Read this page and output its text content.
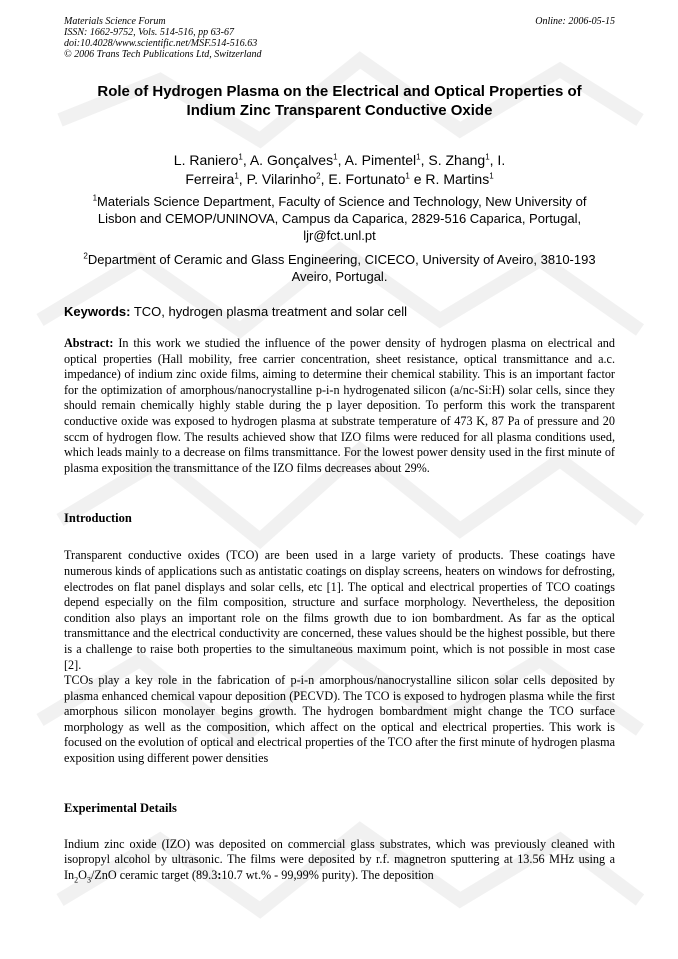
Materials Science Forum
ISSN: 1662-9752, Vols. 514-516, pp 63-67
doi:10.4028/www.scientific.net/MSF.514-516.63
© 2006 Trans Tech Publications Ltd, Switzerland
Online: 2006-05-15
Role of Hydrogen Plasma on the Electrical and Optical Properties of
Indium Zinc Transparent Conductive Oxide
L. Raniero$^1$, A. Gonçalves$^1$, A. Pimentel$^1$, S. Zhang$^1$, I.
Ferreira$^1$, P. Vilarinho$^2$, E. Fortunato$^1$ e R. Martins$^1$
$^1$Materials Science Department, Faculty of Science and Technology, New University of
Lisbon and CEMOP/UNINOVA, Campus da Caparica, 2829-516 Caparica, Portugal,
ljr@fct.unl.pt
$^2$Department of Ceramic and Glass Engineering, CICECO, University of Aveiro, 3810-193
Aveiro, Portugal.
Keywords: TCO, hydrogen plasma treatment and solar cell
Abstract: In this work we studied the influence of the power density of hydrogen plasma on electrical and optical properties (Hall mobility, free carrier concentration, sheet resistance, optical transmittance and a.c. impedance) of indium zinc oxide films, aiming to determine their chemical stability. This is an important factor for the optimization of amorphous/nanocrystalline p-i-n hydrogenated silicon (a/nc-Si:H) solar cells, since they should remain chemically highly stable during the p layer deposition. To perform this work the transparent conductive oxide was exposed to hydrogen plasma at substrate temperature of 473 K, 87 Pa of pressure and 20 sccm of hydrogen flow. The results achieved show that IZO films were reduced for all plasma conditions used, which leads mainly to a decrease on films transmittance. For the lowest power density used in the first minute of plasma exposition the transmittance of the IZO films decreases about 29%.
Introduction
Transparent conductive oxides (TCO) are been used in a large variety of products. These coatings have numerous kinds of applications such as antistatic coatings on display screens, heaters on windows for defrosting, electrodes on flat panel displays and solar cells, etc [1]. The optical and electrical properties of TCO coatings depend especially on the film composition, structure and surface morphology. Nevertheless, the deposition condition also plays an important role on the films growth due to ion bombardment. As far as the optical transmittance and the electrical conductivity are concerned, these values should be the highest possible, but there is a challenge to raise both properties to the simultaneous maximum point, which is not possible in most case [2].
TCOs play a key role in the fabrication of p-i-n amorphous/nanocrystalline silicon solar cells deposited by plasma enhanced chemical vapour deposition (PECVD). The TCO is exposed to hydrogen plasma while the first amorphous silicon monolayer begins growth. The hydrogen bombardment might change the TCO surface morphology as well as the composition, which affect on the optical and electrical properties. This work is focused on the evolution of optical and electrical properties of the TCO after the first minute of hydrogen plasma exposition using different power densities
Experimental Details
Indium zinc oxide (IZO) was deposited on commercial glass substrates, which was previously cleaned with isopropyl alcohol by ultrasonic. The films were deposited by r.f. magnetron sputtering at 13.56 MHz using a $In_2O_3$/ZnO ceramic target (89.3:10.7 wt.% - 99,99% purity). The deposition
